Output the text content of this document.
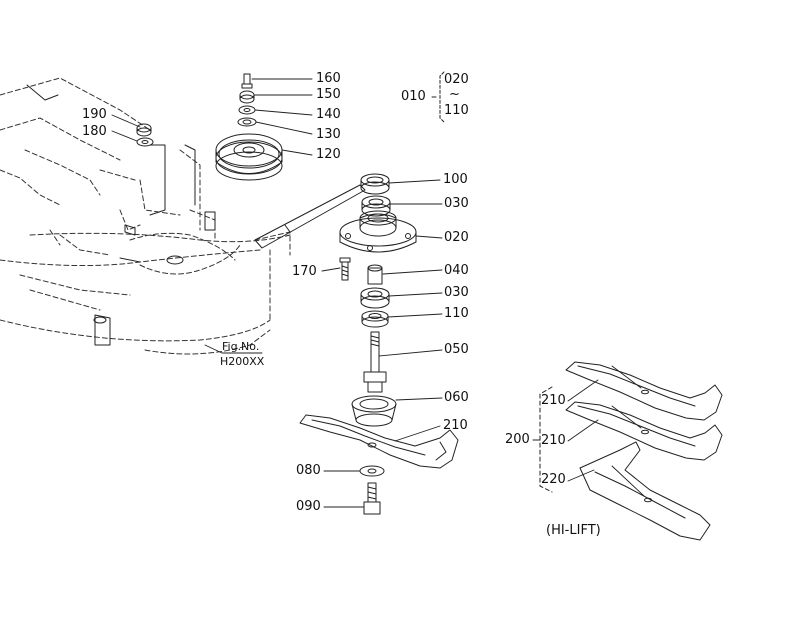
160
150
140
130
120
190
180
010
020
~
110
100
030
020
170	040
030
110
050
060
210
080
090
Fig.No.
H200XX
200
210
210
220
(HI-LIFT)
